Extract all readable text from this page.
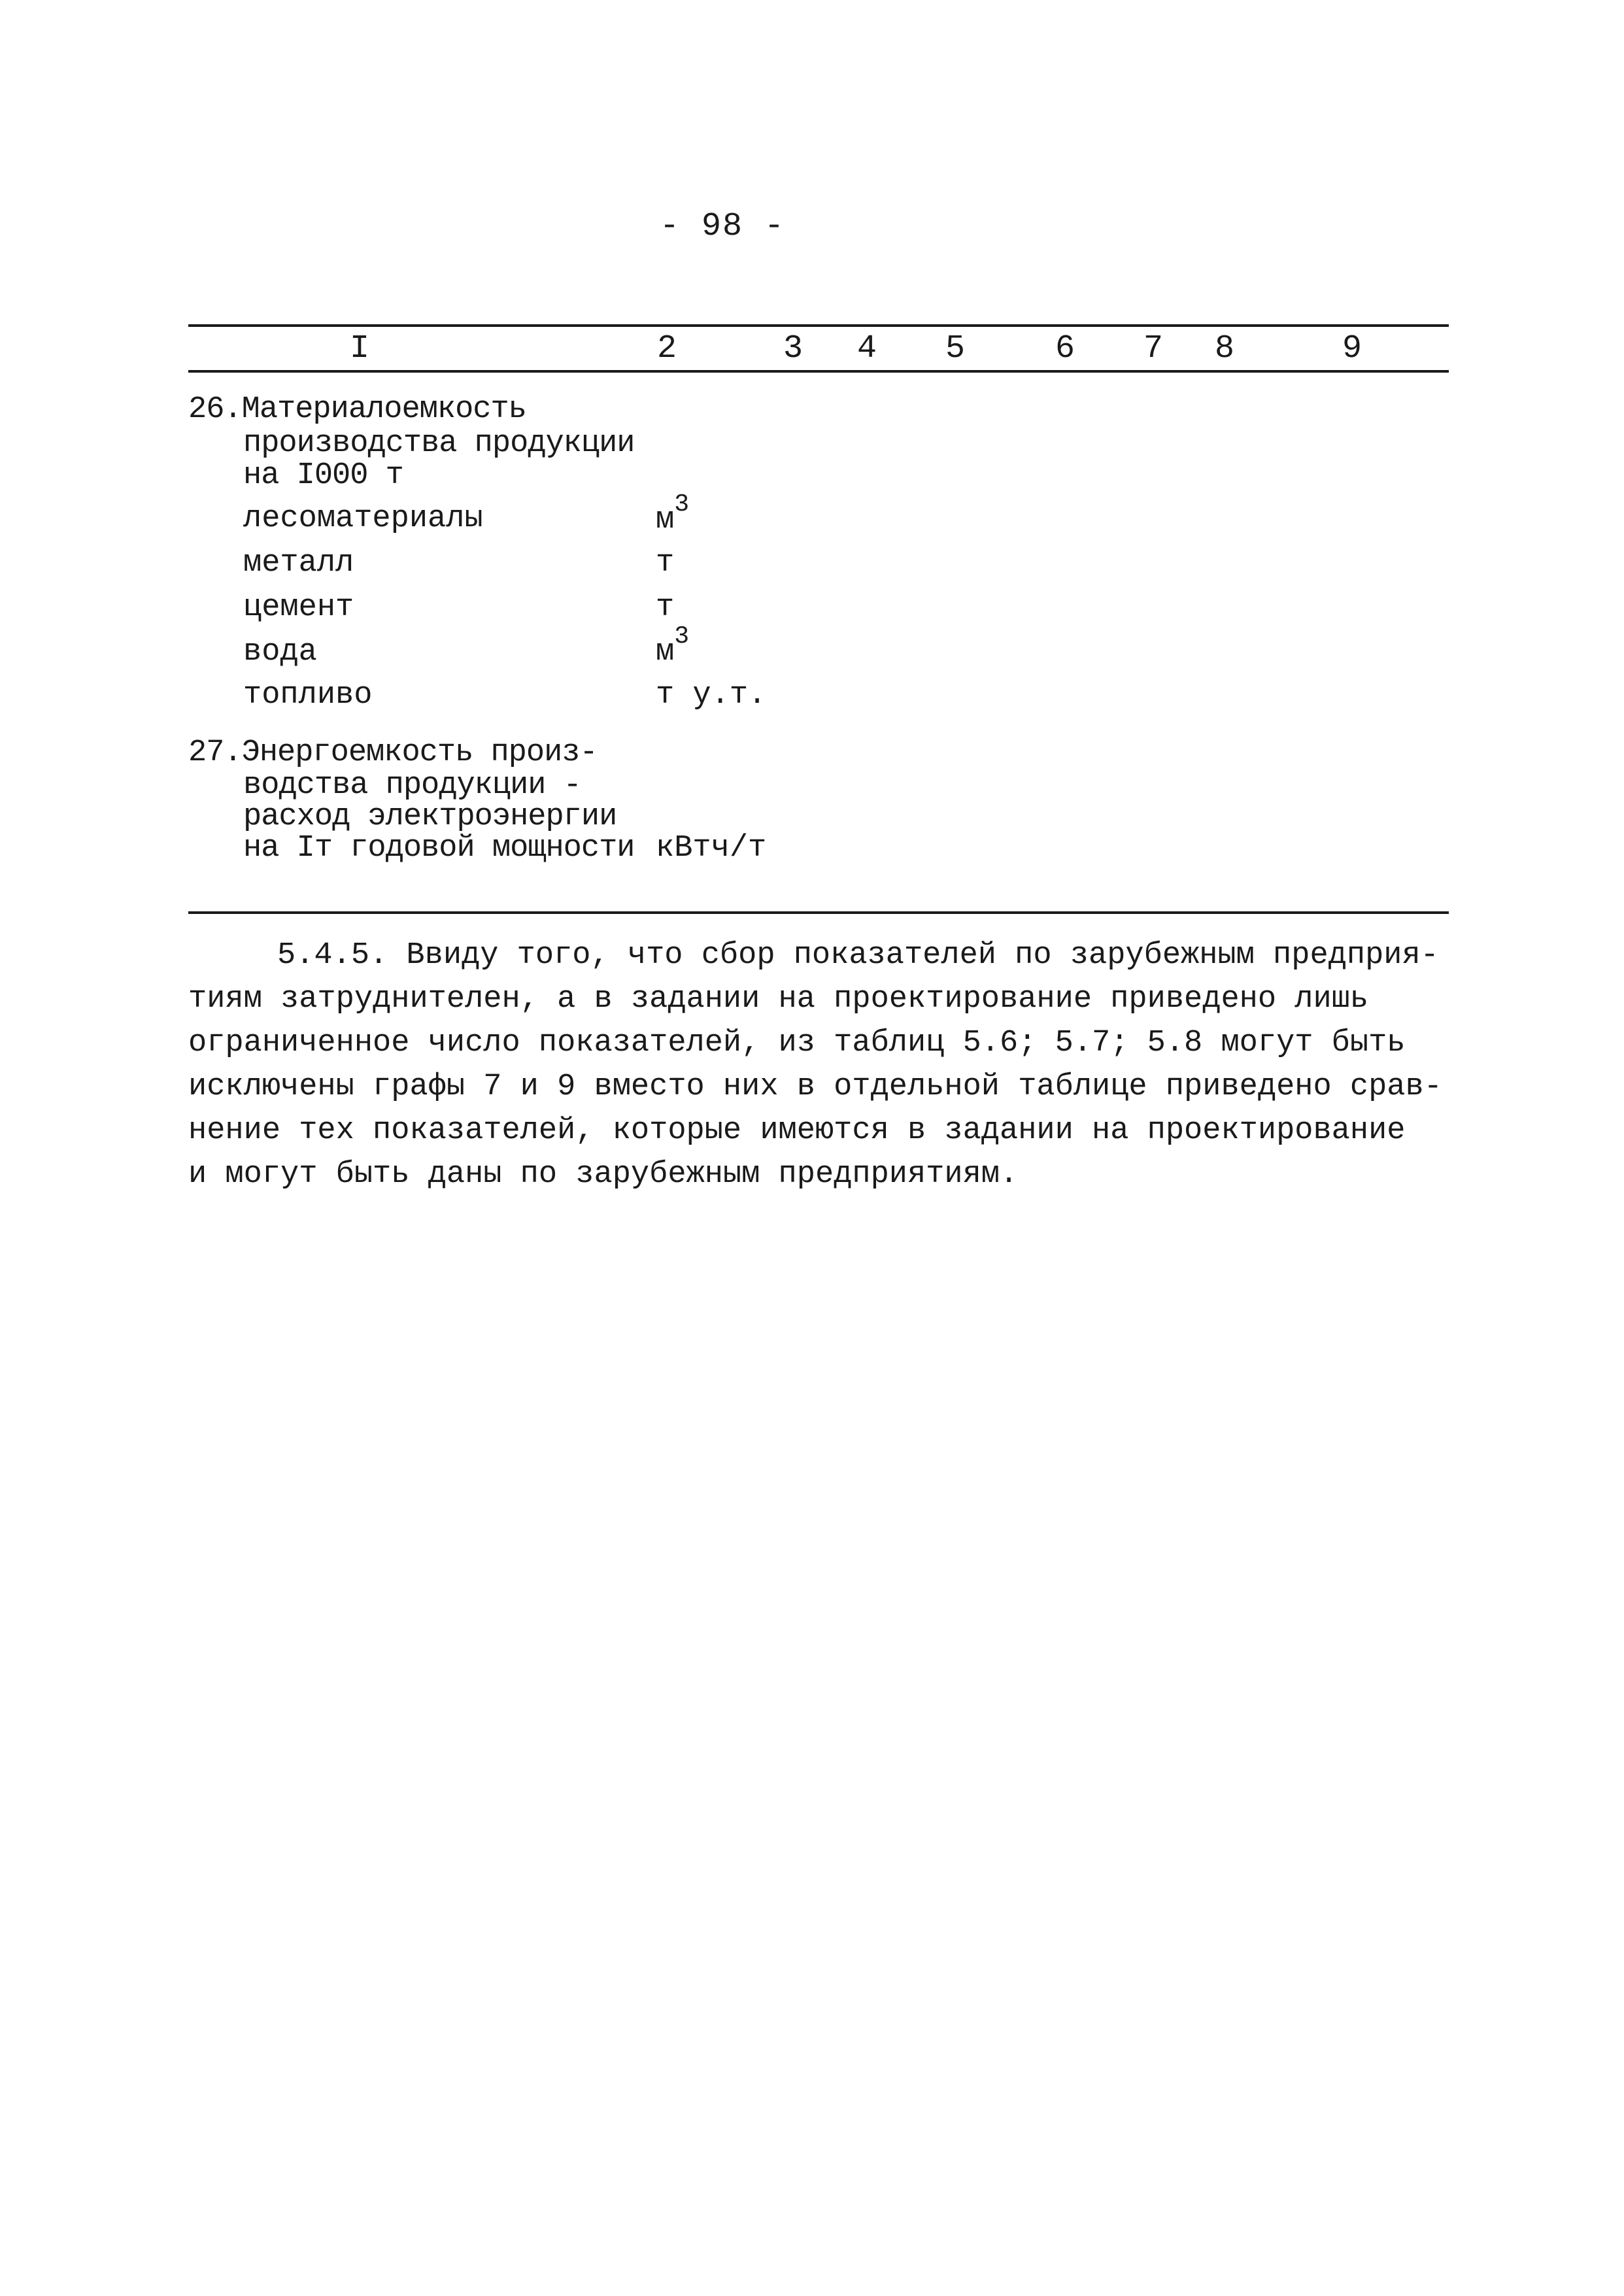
- 98 -
I	2	3	4	5	6	7	8	9
26.Материалоемкость
производства продукции
на I000 т
лесоматериалы	$м^3$
металл	т
цемент	т
вода	$м^3$
топливо	т у.т.
27.Энергоемкость произ-
водства продукции -
расход электроэнергии
на Iт годовой мощности кВтч/т
5.4.5. Ввиду того, что сбор показателей по зарубежным предприя-
тиям затруднителен, а в задании на проектирование приведено лишь
ограниченное число показателей, из таблиц 5.6; 5.7; 5.8 могут быть
исключены графы 7 и 9 вместо них в отдельной таблице приведено срав-
нение тех показателей, которые имеются в задании на проектирование
и могут быть даны по зарубежным предприятиям.
